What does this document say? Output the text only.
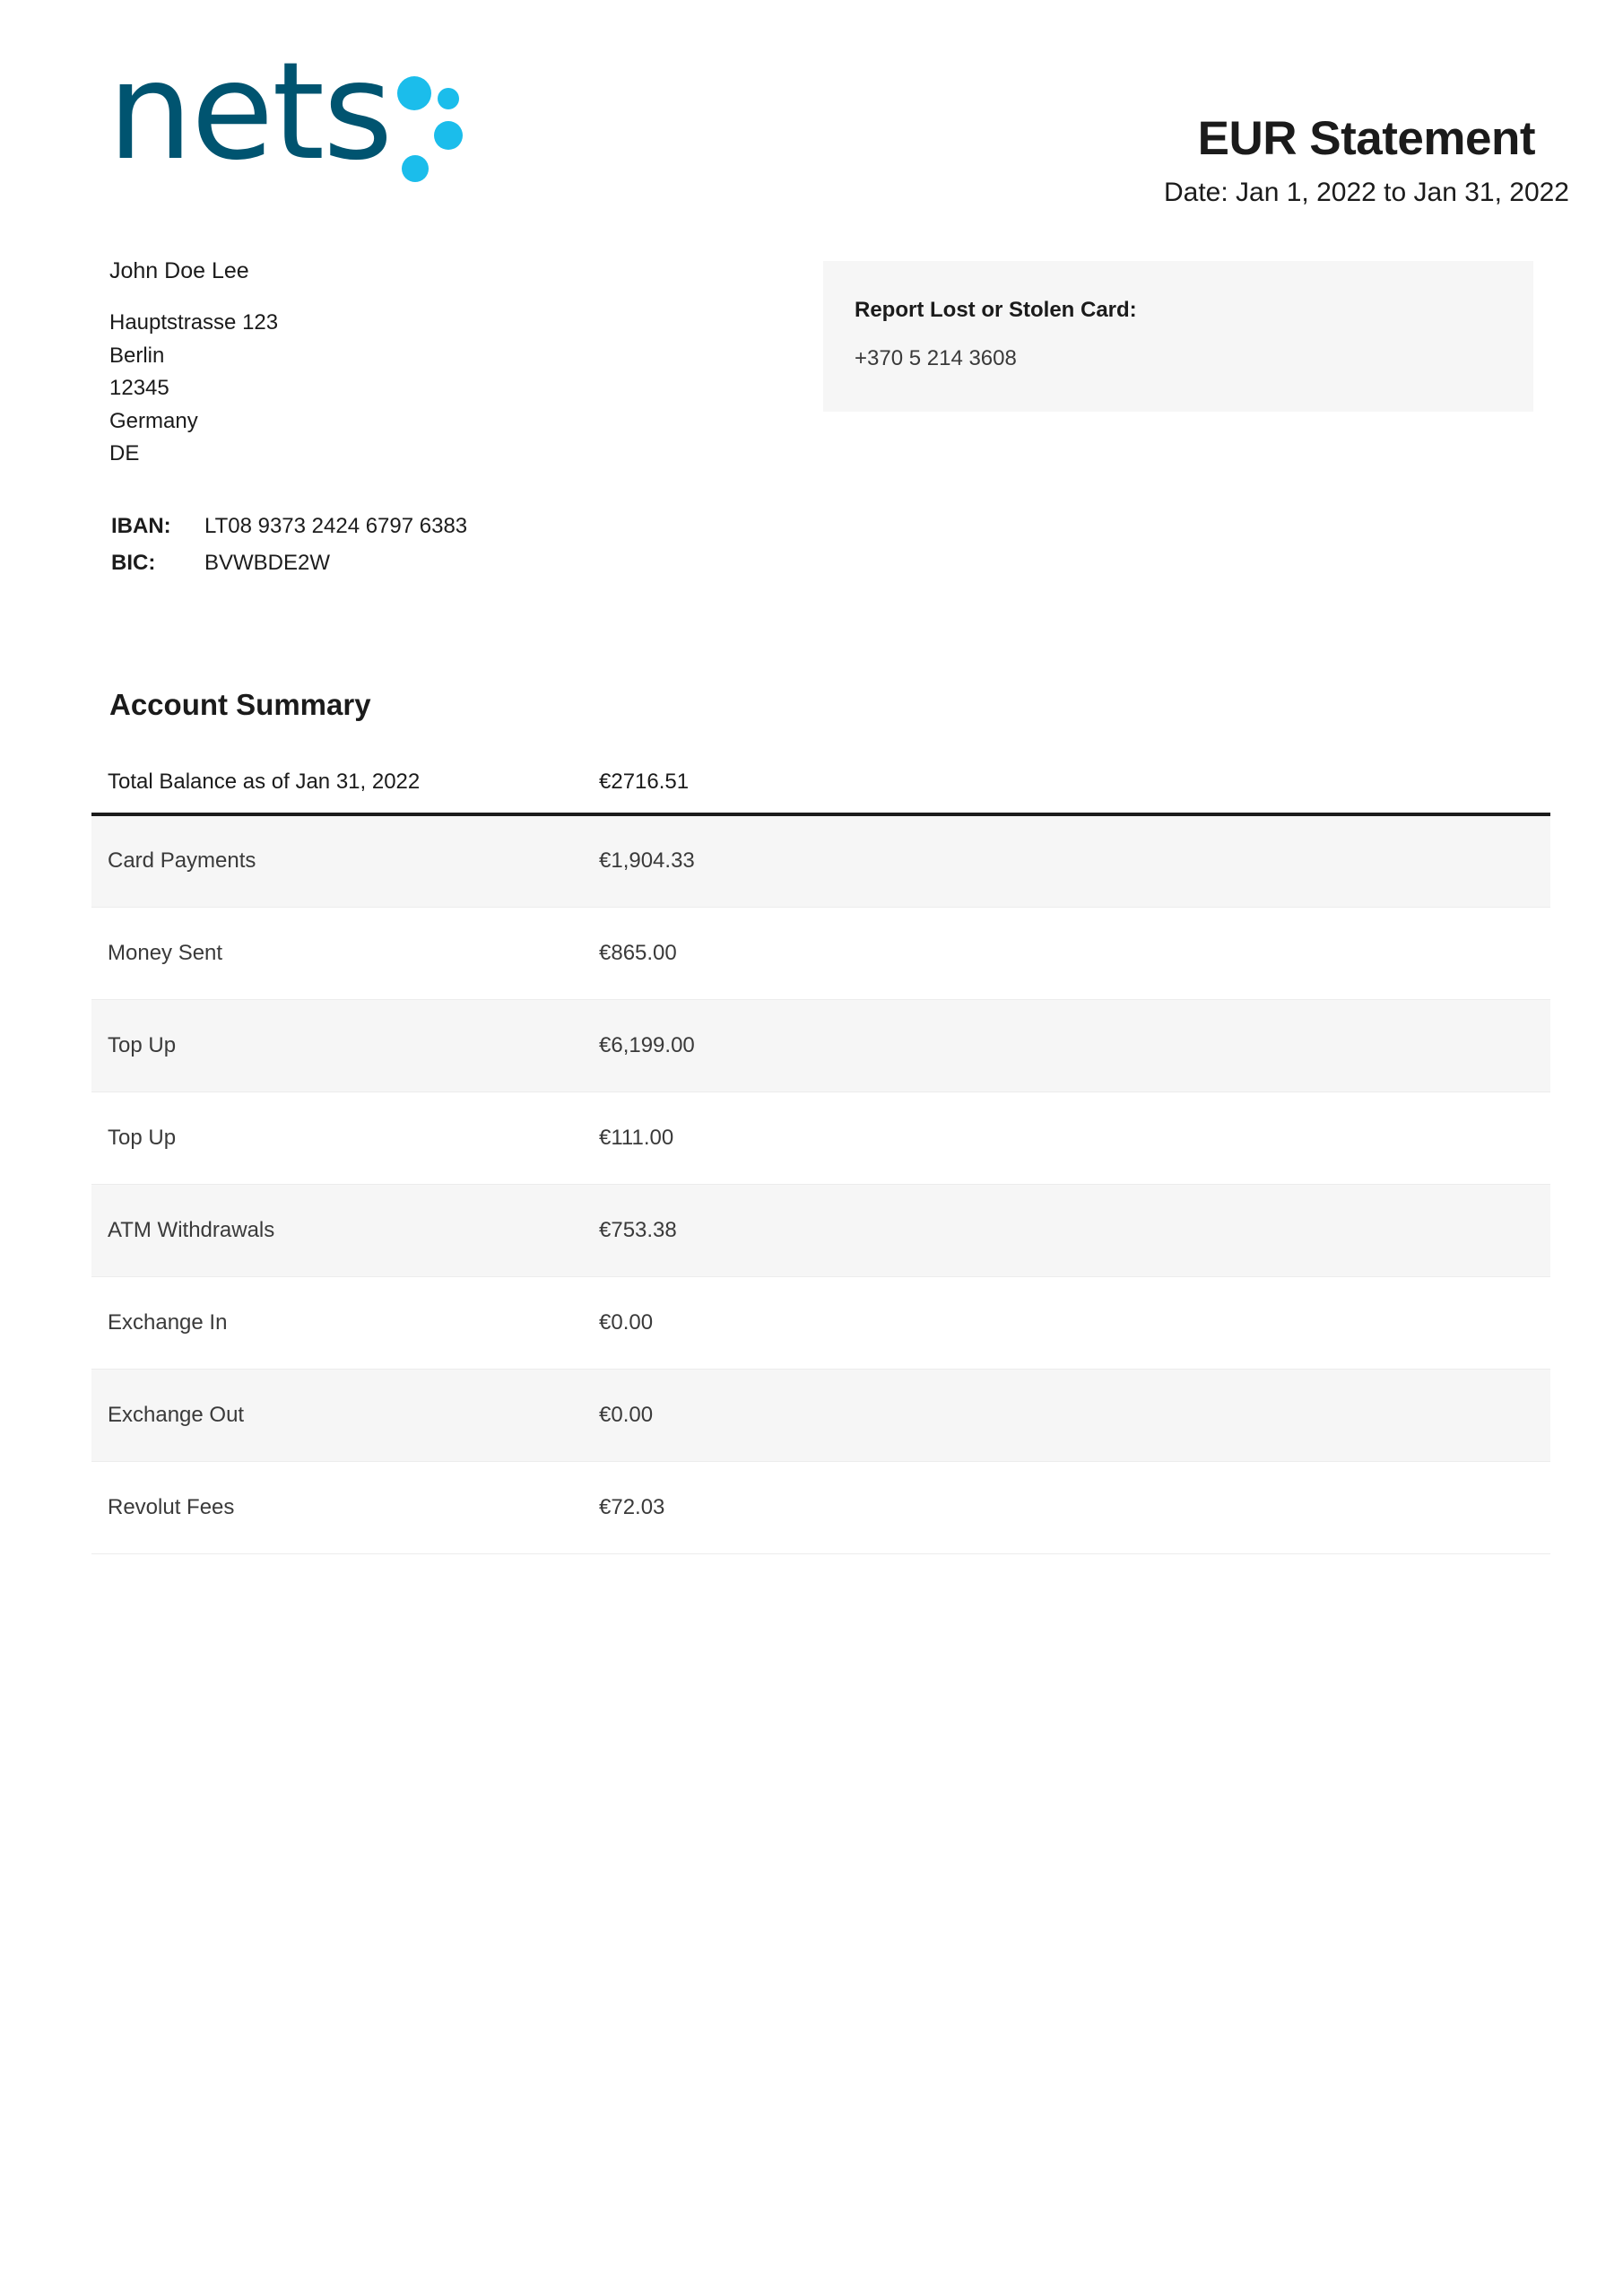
nets	EUR Statement
Date: Jan 1, 2022 to Jan 31, 2022
John Doe Lee
Hauptstrasse 123
Berlin
12345
Germany
DE
IBAN:	LT08 9373 2424 6797 6383
BIC:	BVWBDE2W
Report Lost or Stolen Card:
+370 5 214 3608
Account Summary
Total Balance as of Jan 31, 2022	€2716.51
Card Payments	€1,904.33
Money Sent	€865.00
Top Up	€6,199.00
Top Up	€111.00
ATM Withdrawals	€753.38
Exchange In	€0.00
Exchange Out	€0.00
Revolut Fees	€72.03
